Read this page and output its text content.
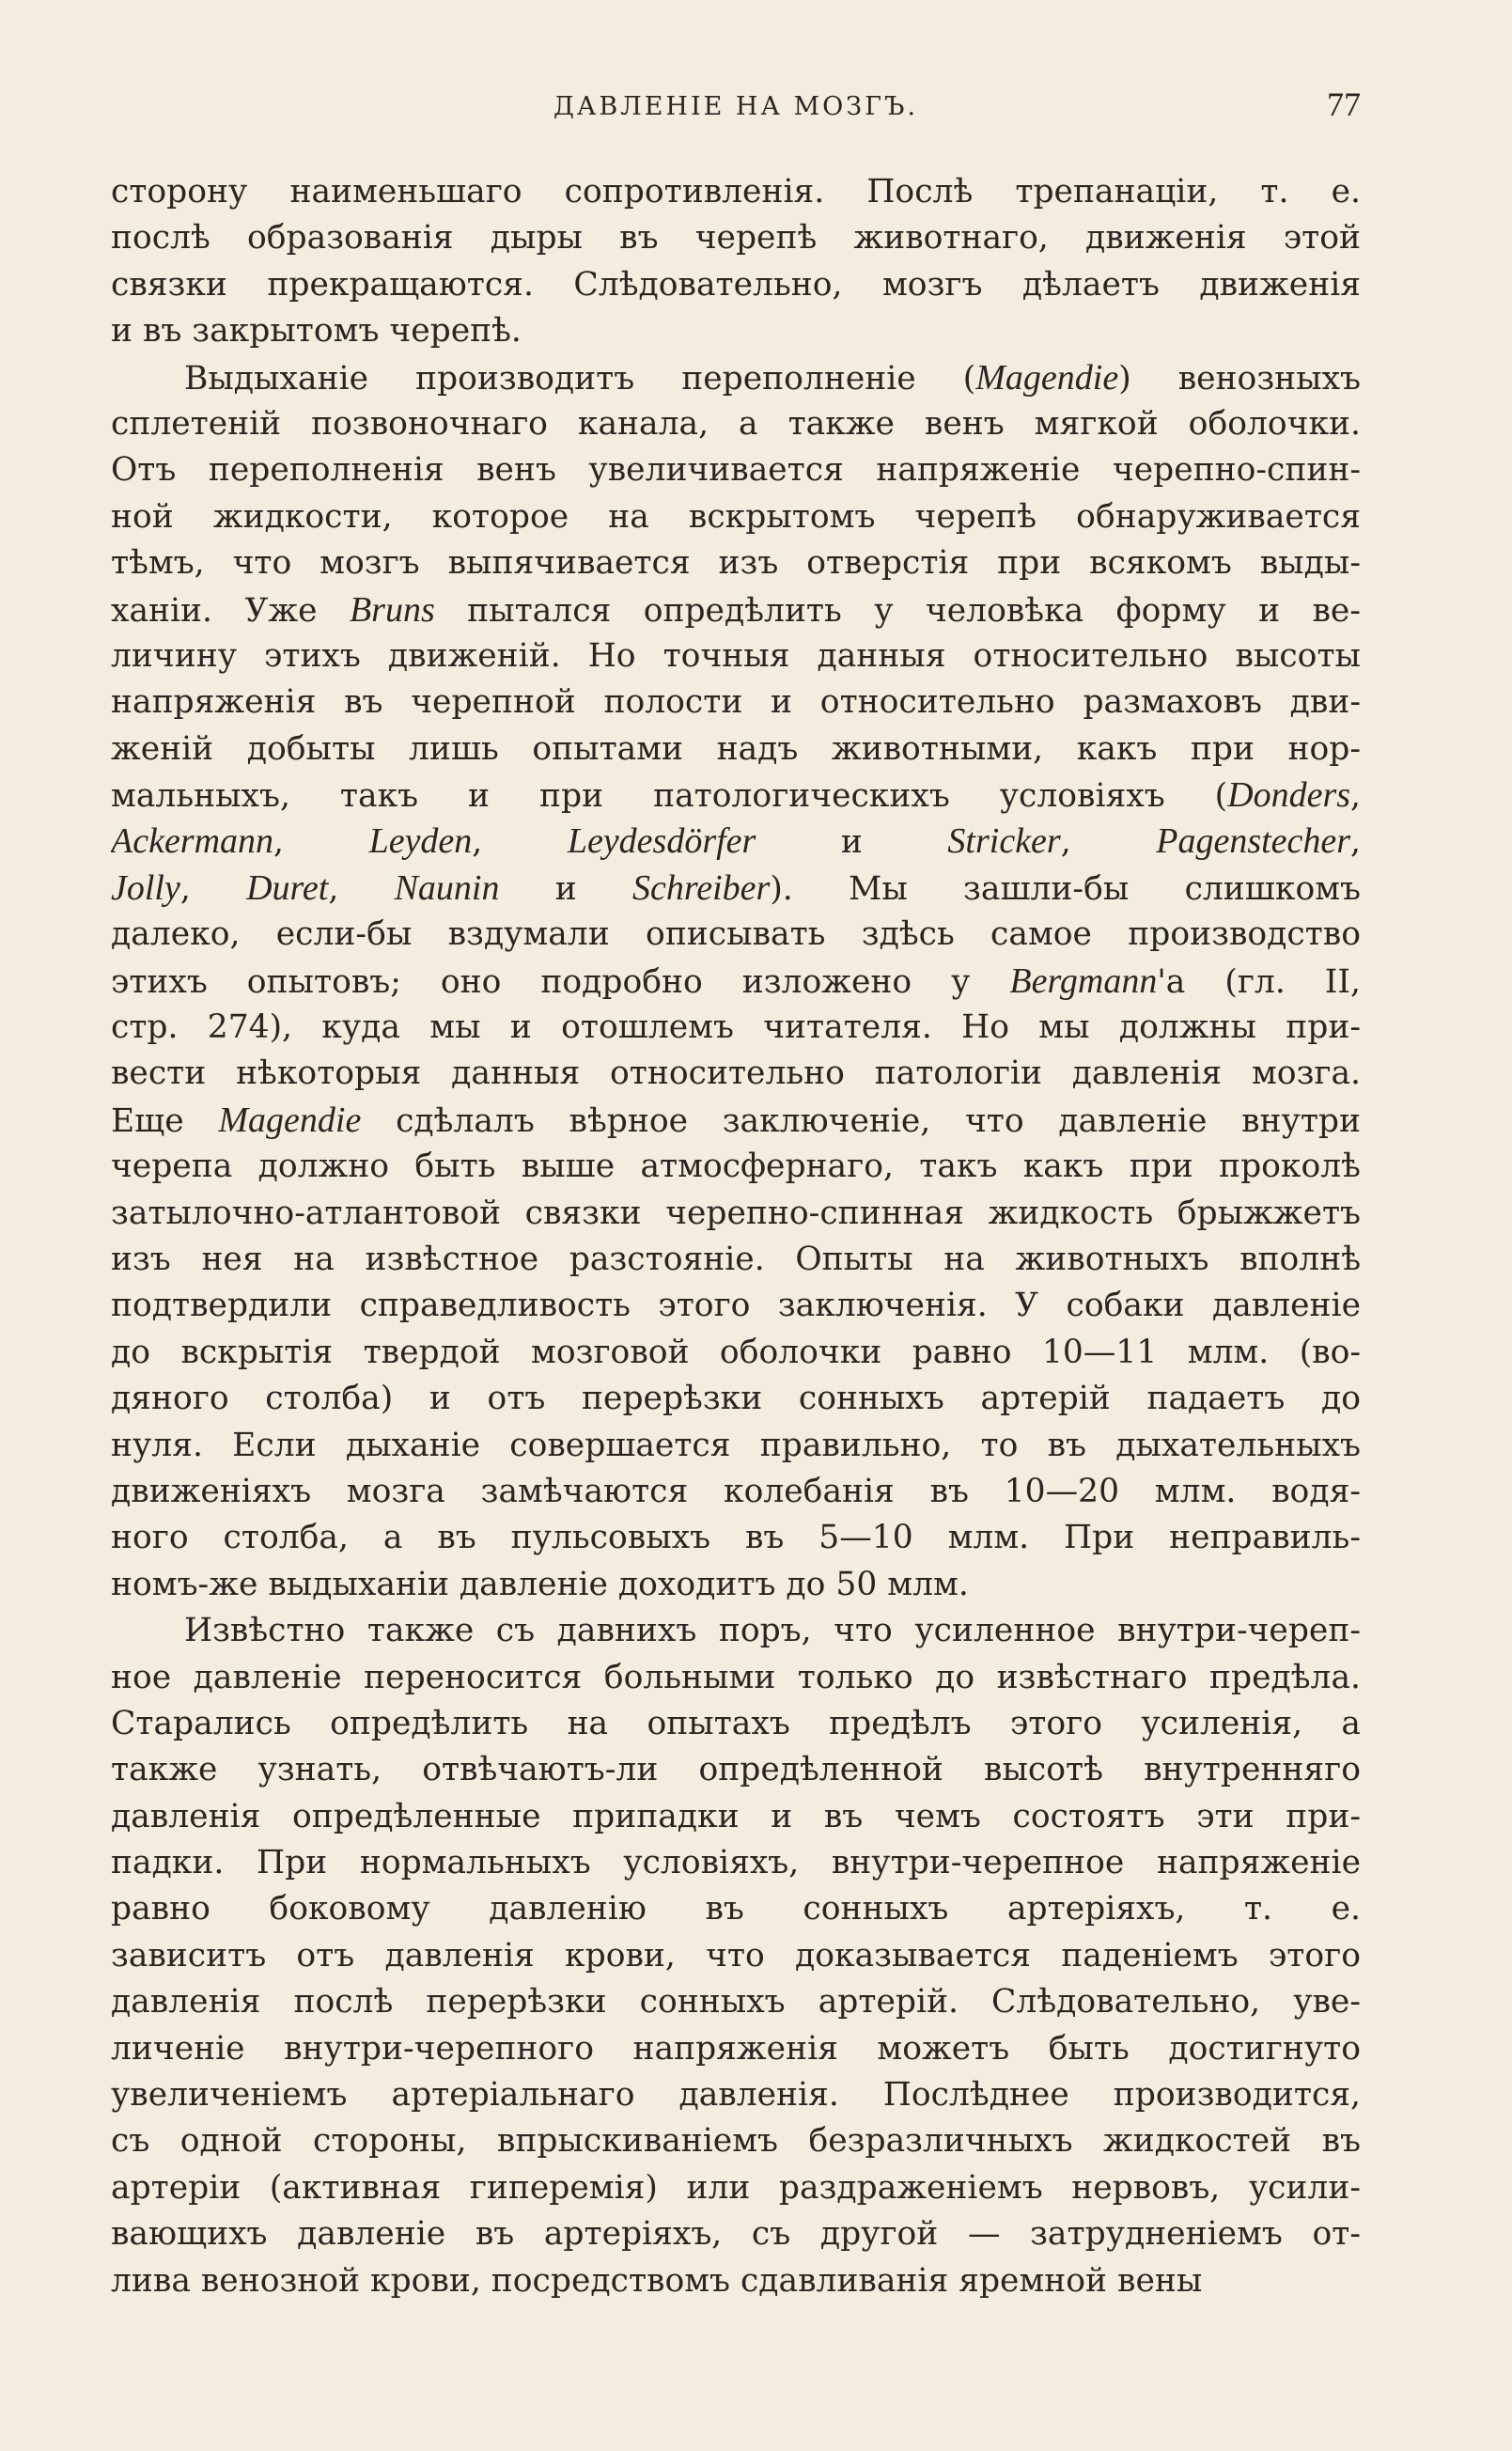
ДАВЛЕНІЕ НА МОЗГЪ.	77
сторону наименьшаго сопротивленія. Послѣ трепанаціи, т. е.
послѣ образованія дыры въ черепѣ животнаго, движенія этой
связки прекращаются. Слѣдовательно, мозгъ дѣлаетъ движенія
и въ закрытомъ черепѣ.
Выдыханіе производитъ переполненіе (Magendie) венозныхъ
сплетеній позвоночнаго канала, а также венъ мягкой оболочки.
Отъ переполненія венъ увеличивается напряженіе черепно-спин-
ной жидкости, которое на вскрытомъ черепѣ обнаруживается
тѣмъ, что мозгъ выпячивается изъ отверстія при всякомъ выды-
ханіи. Уже Bruns пытался опредѣлить у человѣка форму и ве-
личину этихъ движеній. Но точныя данныя относительно высоты
напряженія въ черепной полости и относительно размаховъ дви-
женій добыты лишь опытами надъ животными, какъ при нор-
мальныхъ, такъ и при патологическихъ условіяхъ (Donders,
Ackermann, Leyden, Leydesdörfer и Stricker, Pagenstecher,
Jolly, Duret, Naunin и Schreiber). Мы зашли-бы слишкомъ
далеко, если-бы вздумали описывать здѣсь самое производство
этихъ опытовъ; оно подробно изложено у Bergmann'а (гл. II,
стр. 274), куда мы и отошлемъ читателя. Но мы должны при-
вести нѣкоторыя данныя относительно патологіи давленія мозга.
Еще Magendie сдѣлалъ вѣрное заключеніе, что давленіе внутри
черепа должно быть выше атмосфернаго, такъ какъ при проколѣ
затылочно-атлантовой связки черепно-спинная жидкость брыжжетъ
изъ нея на извѣстное разстояніе. Опыты на животныхъ вполнѣ
подтвердили справедливость этого заключенія. У собаки давленіе
до вскрытія твердой мозговой оболочки равно 10—11 млм. (во-
дяного столба) и отъ перерѣзки сонныхъ артерій падаетъ до
нуля. Если дыханіе совершается правильно, то въ дыхательныхъ
движеніяхъ мозга замѣчаются колебанія въ 10—20 млм. водя-
ного столба, а въ пульсовыхъ въ 5—10 млм. При неправиль-
номъ-же выдыханіи давленіе доходитъ до 50 млм.
Извѣстно также съ давнихъ поръ, что усиленное внутри-череп-
ное давленіе переносится больными только до извѣстнаго предѣла.
Старались опредѣлить на опытахъ предѣлъ этого усиленія, а
также узнать, отвѣчаютъ-ли опредѣленной высотѣ внутренняго
давленія опредѣленные припадки и въ чемъ состоятъ эти при-
падки. При нормальныхъ условіяхъ, внутри-черепное напряженіе
равно боковому давленію въ сонныхъ артеріяхъ, т. е.
зависитъ отъ давленія крови, что доказывается паденіемъ этого
давленія послѣ перерѣзки сонныхъ артерій. Слѣдовательно, уве-
личеніе внутри-черепного напряженія можетъ быть достигнуто
увеличеніемъ артеріальнаго давленія. Послѣднее производится,
съ одной стороны, впрыскиваніемъ безразличныхъ жидкостей въ
артеріи (активная гиперемія) или раздраженіемъ нервовъ, усили-
вающихъ давленіе въ артеріяхъ, съ другой — затрудненіемъ от-
лива венозной крови, посредствомъ сдавливанія яремной вены
